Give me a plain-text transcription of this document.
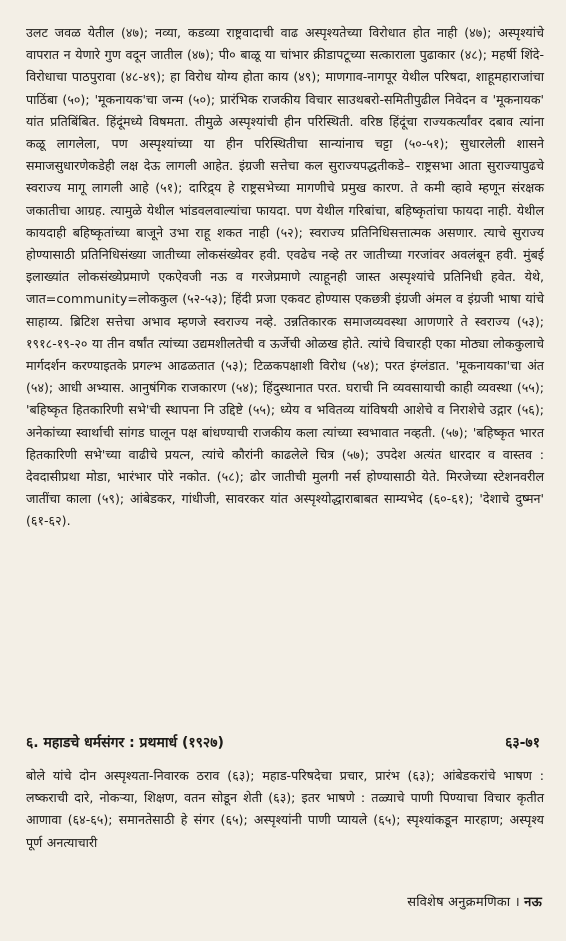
उलट जवळ येतील (४७); नव्या, कडव्या राष्ट्रवादाची वाढ अस्पृश्यतेच्या विरोधात होत नाही (४७); अस्पृश्यांचे वापरात न येणारे गुण वदून जातील (४७); पी० बाळू या चांभार क्रीडापटूच्या सत्काराला पुढाकार (४८); महर्षी शिंदे-विरोधाचा पाठपुरावा (४८-४९); हा विरोध योग्य होता काय (४९); माणगाव-नागपूर येथील परिषदा, शाहूमहाराजांचा पाठिंबा (५०); 'मूकनायक'चा जन्म (५०); प्रारंभिक राजकीय विचार साउथबरो-समितीपुढील निवेदन व 'मूकनायक' यांत प्रतिबिंबित. हिंदूंमध्ये विषमता. तीमुळे अस्पृश्यांची हीन परिस्थिती. वरिष्ठ हिंदूंचा राज्यकर्त्यांवर दबाव त्यांना कळू लागलेला, पण अस्पृश्यांच्या या हीन परिस्थितीचा सान्यांनाच चट्टा (५०-५१); सुधारलेली शासने समाजसुधारणेकडेही लक्ष देऊ लागली आहेत. इंग्रजी सत्तेचा कल सुराज्यपद्धतीकडे– राष्ट्रसभा आता सुराज्यापुढचे स्वराज्य मागू लागली आहे (५१); दारिद्र्य हे राष्ट्रसभेच्या मागणीचे प्रमुख कारण. ते कमी व्हावे म्हणून संरक्षक जकातीचा आग्रह. त्यामुळे येथील भांडवलवाल्यांचा फायदा. पण येथील गरिबांचा, बहिष्कृतांचा फायदा नाही. येथील कायदाही बहिष्कृतांच्या बाजूने उभा राहू शकत नाही (५२); स्वराज्य प्रतिनिधिसत्तात्मक असणार. त्याचे सुराज्य होण्यासाठी प्रतिनिधिसंख्या जातीच्या लोकसंख्येवर हवी. एवढेच नव्हे तर जातीच्या गरजांवर अवलंबून हवी. मुंबई इलाख्यांत लोकसंख्येप्रमाणे एकऐवजी नऊ व गरजेप्रमाणे त्याहूनही जास्त अस्पृश्यांचे प्रतिनिधी हवेत. येथे, जात=community=लोककुल (५२-५३); हिंदी प्रजा एकवट होण्यास एकछत्री इंग्रजी अंमल व इंग्रजी भाषा यांचे साहाय्य. ब्रिटिश सत्तेचा अभाव म्हणजे स्वराज्य नव्हे. उन्नतिकारक समाजव्यवस्था आणणारे ते स्वराज्य (५३); १९१८-१९-२० या तीन वर्षांत त्यांच्या उद्यमशीलतेची व ऊर्जेची ओळख होते. त्यांचे विचारही एका मोठ्या लोककुलाचे मार्गदर्शन करण्याइतके प्रगल्भ आढळतात (५३); टिळकपक्षाशी विरोध (५४); परत इंग्लंडात. 'मूकनायका'चा अंत (५४); आधी अभ्यास. आनुषंगिक राजकारण (५४); हिंदुस्थानात परत. घराची नि व्यवसायाची काही व्यवस्था (५५); 'बहिष्कृत हितकारिणी सभे'ची स्थापना नि उद्दिष्टे (५५); ध्येय व भवितव्य यांविषयी आशेचे व निराशेचे उद्गार (५६); अनेकांच्या स्वार्थाची सांगड घालून पक्ष बांधण्याची राजकीय कला त्यांच्या स्वभावात नव्हती. (५७); 'बहिष्कृत भारत हितकारिणी सभे'च्या वाढीचे प्रयत्न, त्यांचे कौरांनी काढलेले चित्र (५७); उपदेश अत्यंत धारदार व वास्तव : देवदासीप्रथा मोडा, भारंभार पोरे नकोत. (५८); ढोर जातीची मुलगी नर्स होण्यासाठी येते. मिरजेच्या स्टेशनवरील जातींचा काला (५९); आंबेडकर, गांधीजी, सावरकर यांत अस्पृश्योद्धाराबाबत साम्यभेद (६०-६१); 'देशाचे दुष्मन' (६१-६२).
६. महाडचे धर्मसंगर : प्रथमार्ध (१९२७)	६३-७१
बोले यांचे दोन अस्पृश्यता-निवारक ठराव (६३); महाड-परिषदेचा प्रचार, प्रारंभ (६३); आंबेडकरांचे भाषण : लष्कराची दारे, नोकऱ्या, शिक्षण, वतन सोडून शेती (६३); इतर भाषणे : तळ्याचे पाणी पिण्याचा विचार कृतीत आणावा (६४-६५); समानतेसाठी हे संगर (६५); अस्पृश्यांनी पाणी प्यायले (६५); स्पृश्यांकडून मारहाण; अस्पृश्य पूर्ण अनत्याचारी
सविशेष अनुक्रमणिका । नऊ
